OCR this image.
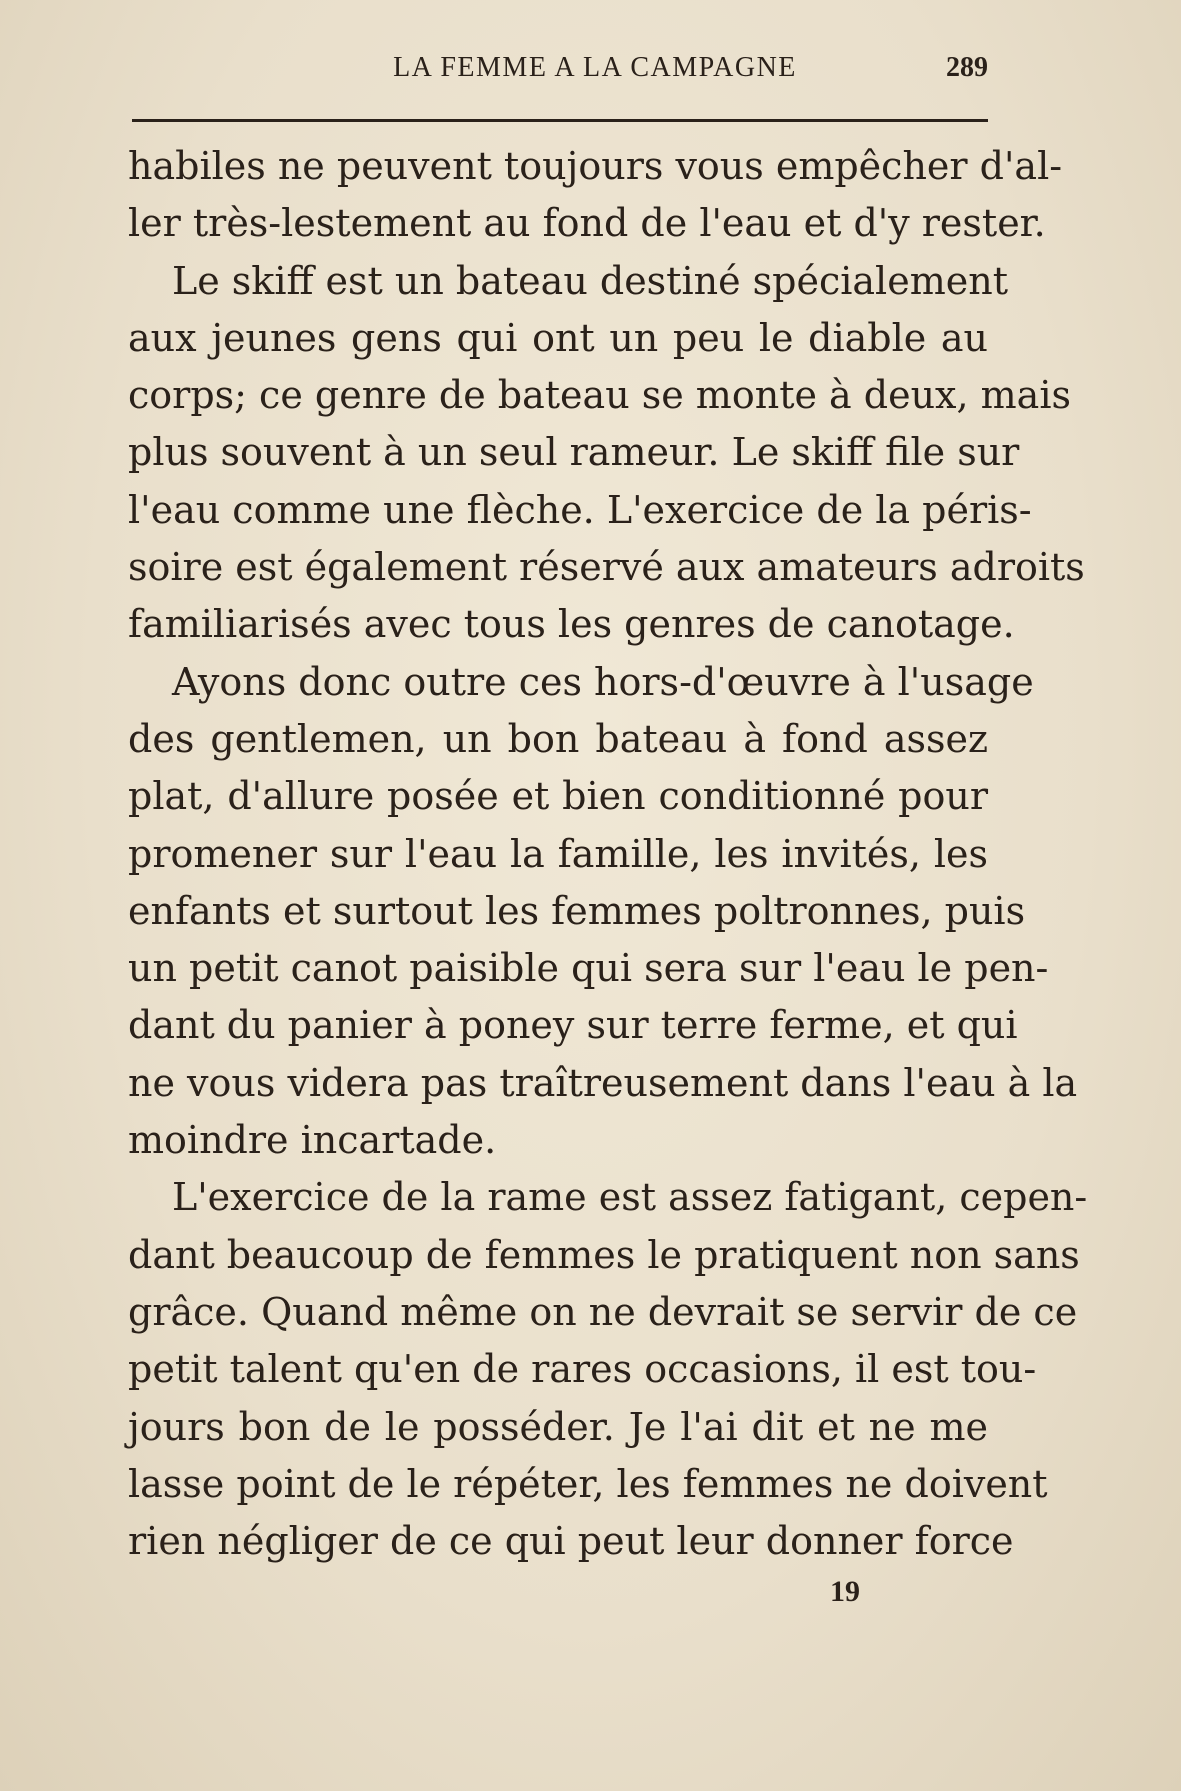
LA FEMME A LA CAMPAGNE	289
habiles ne peuvent toujours vous empêcher d'al-
ler très-lestement au fond de l'eau et d'y rester.
Le skiff est un bateau destiné spécialement
aux jeunes gens qui ont un peu le diable au
corps; ce genre de bateau se monte à deux, mais
plus souvent à un seul rameur. Le skiff file sur
l'eau comme une flèche. L'exercice de la péris-
soire est également réservé aux amateurs adroits
familiarisés avec tous les genres de canotage.
Ayons donc outre ces hors-d'œuvre à l'usage
des gentlemen, un bon bateau à fond assez
plat, d'allure posée et bien conditionné pour
promener sur l'eau la famille, les invités, les
enfants et surtout les femmes poltronnes, puis
un petit canot paisible qui sera sur l'eau le pen-
dant du panier à poney sur terre ferme, et qui
ne vous videra pas traîtreusement dans l'eau à la
moindre incartade.
L'exercice de la rame est assez fatigant, cepen-
dant beaucoup de femmes le pratiquent non sans
grâce. Quand même on ne devrait se servir de ce
petit talent qu'en de rares occasions, il est tou-
jours bon de le posséder. Je l'ai dit et ne me
lasse point de le répéter, les femmes ne doivent
rien négliger de ce qui peut leur donner force
19
